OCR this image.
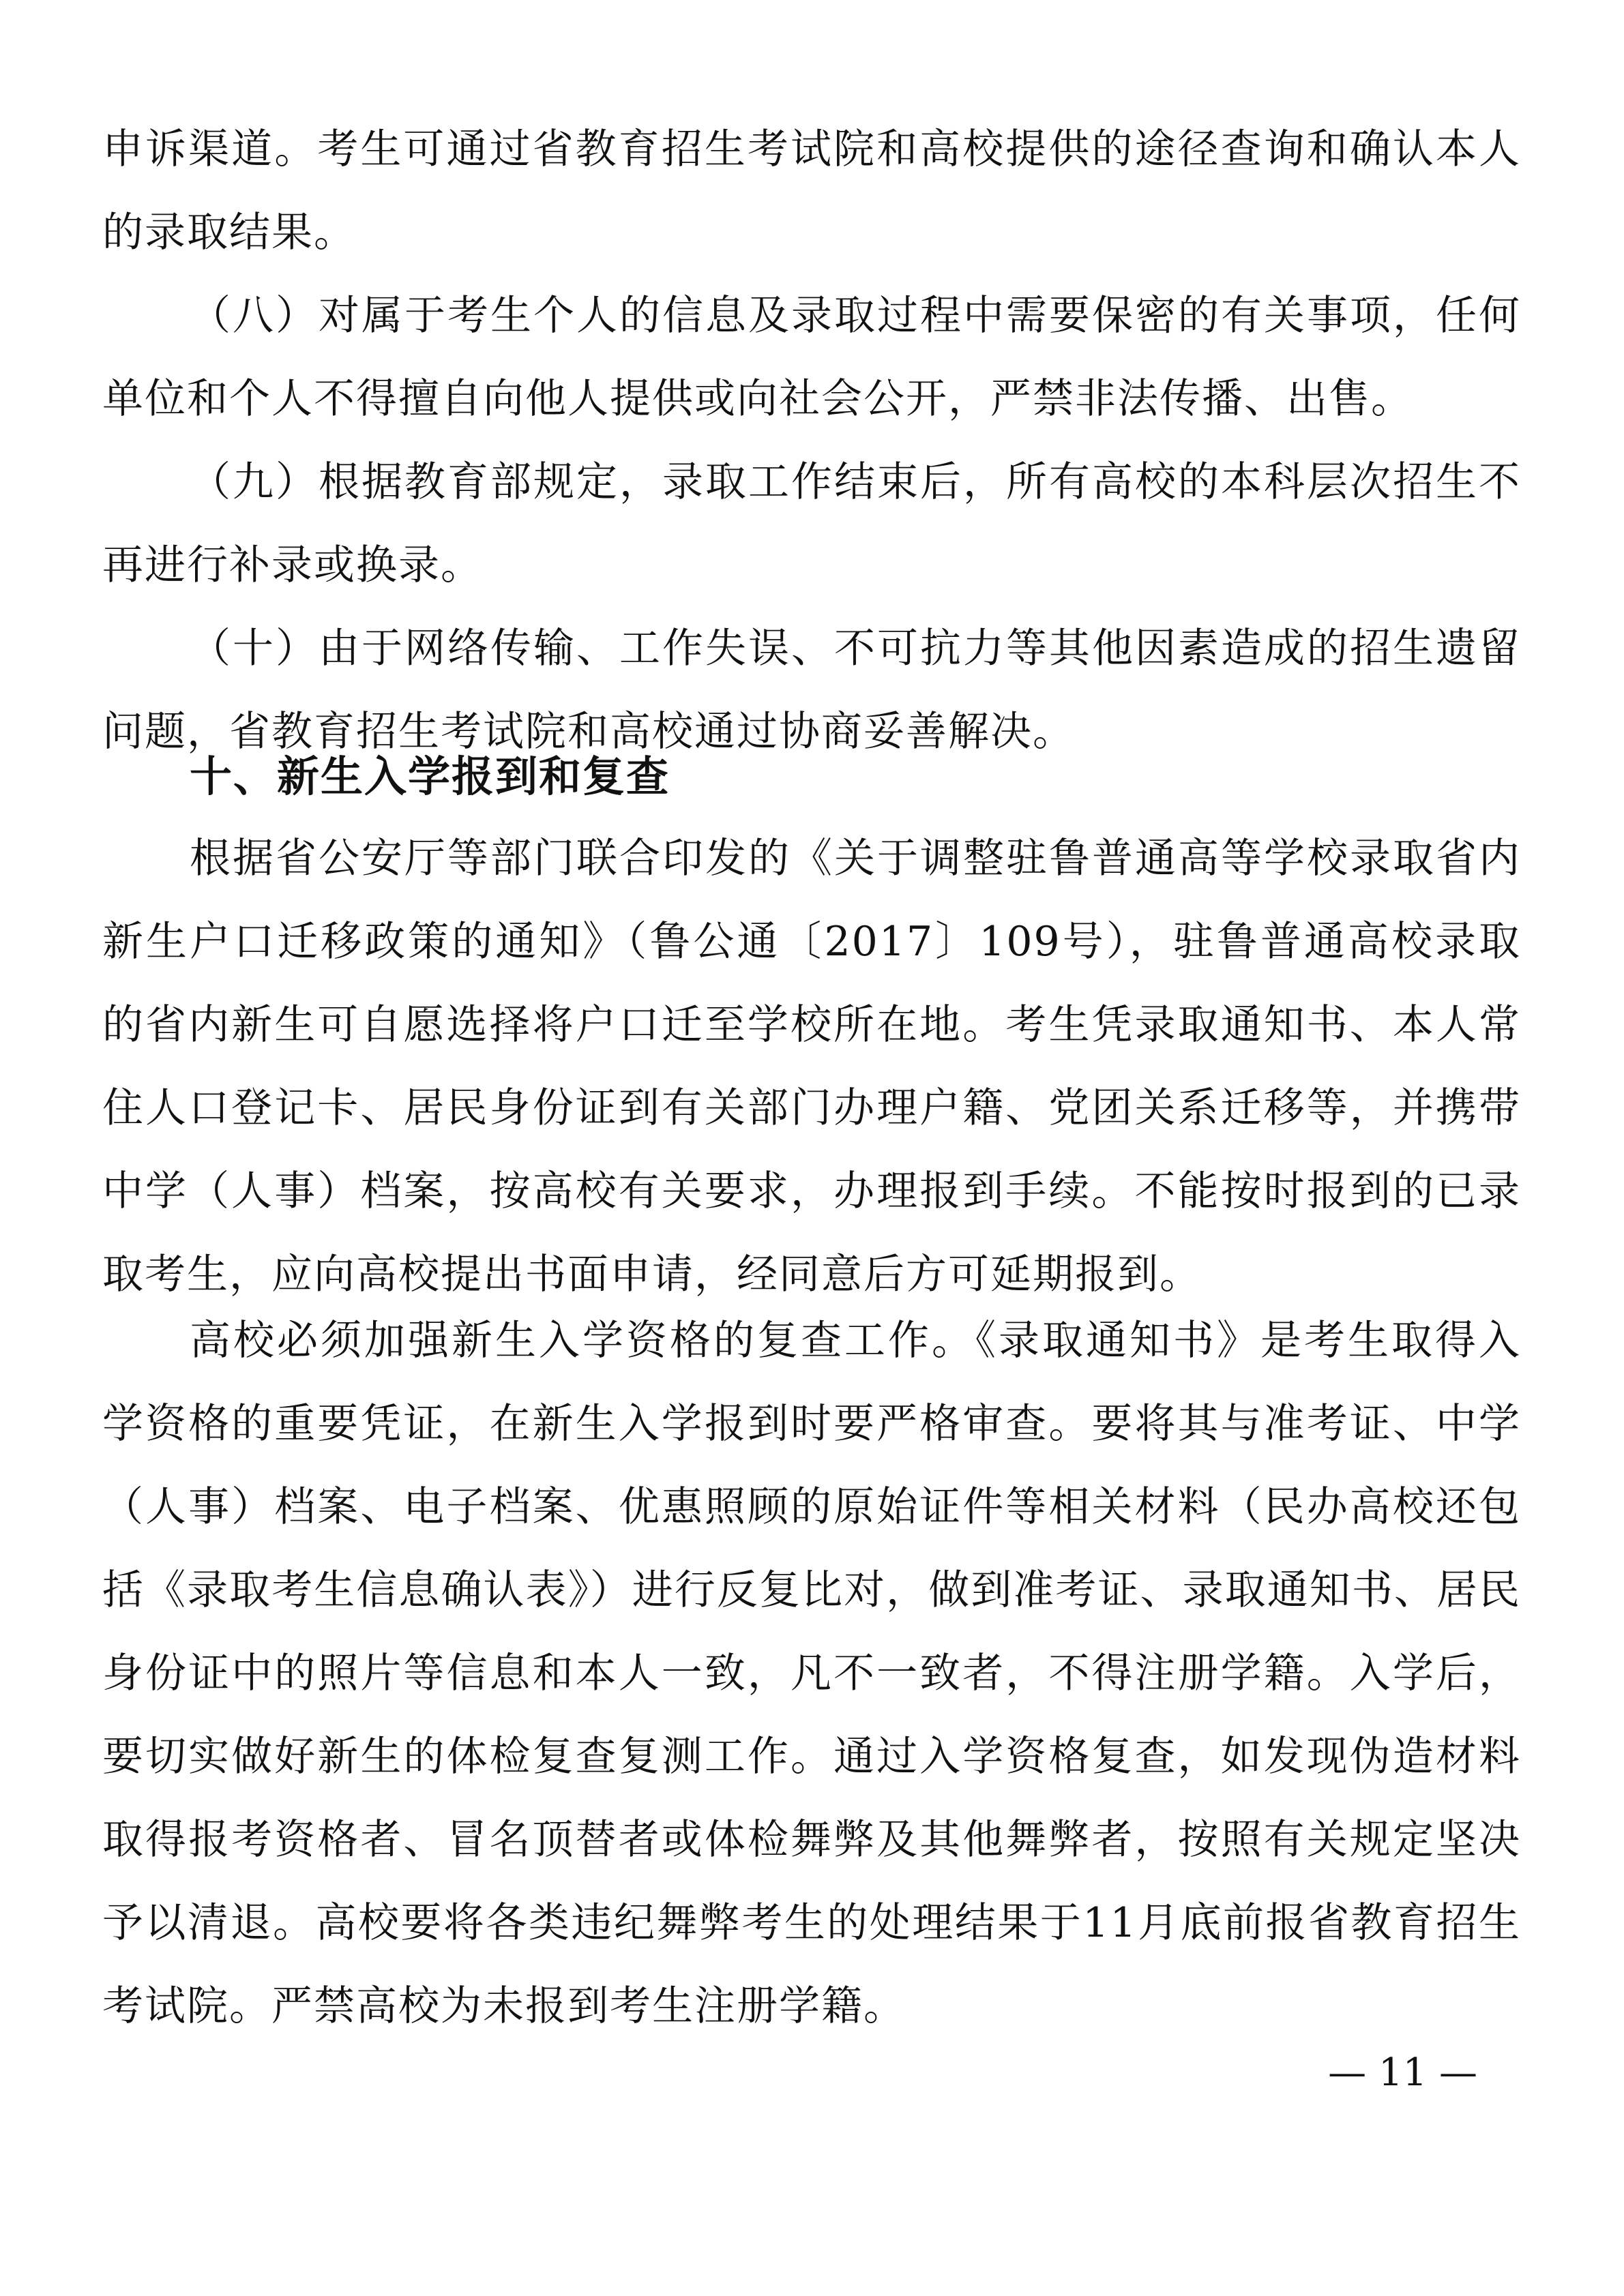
申诉渠道。考生可通过省教育招生考试院和高校提供的途径查询和确认本人的录取结果。

（八）对属于考生个人的信息及录取过程中需要保密的有关事项，任何单位和个人不得擅自向他人提供或向社会公开，严禁非法传播、出售。

（九）根据教育部规定，录取工作结束后，所有高校的本科层次招生不再进行补录或换录。

（十）由于网络传输、工作失误、不可抗力等其他因素造成的招生遗留问题，省教育招生考试院和高校通过协商妥善解决。

十、新生入学报到和复查

根据省公安厅等部门联合印发的《关于调整驻鲁普通高等学校录取省内新生户口迁移政策的通知》（鲁公通〔2017〕109号），驻鲁普通高校录取的省内新生可自愿选择将户口迁至学校所在地。考生凭录取通知书、本人常住人口登记卡、居民身份证到有关部门办理户籍、党团关系迁移等，并携带中学（人事）档案，按高校有关要求，办理报到手续。不能按时报到的已录取考生，应向高校提出书面申请，经同意后方可延期报到。

高校必须加强新生入学资格的复查工作。《录取通知书》是考生取得入学资格的重要凭证，在新生入学报到时要严格审查。要将其与准考证、中学（人事）档案、电子档案、优惠照顾的原始证件等相关材料（民办高校还包括《录取考生信息确认表》）进行反复比对，做到准考证、录取通知书、居民身份证中的照片等信息和本人一致，凡不一致者，不得注册学籍。入学后，要切实做好新生的体检复查复测工作。通过入学资格复查，如发现伪造材料取得报考资格者、冒名顶替者或体检舞弊及其他舞弊者，按照有关规定坚决予以清退。高校要将各类违纪舞弊考生的处理结果于11月底前报省教育招生考试院。严禁高校为未报到考生注册学籍。

— 11 —
